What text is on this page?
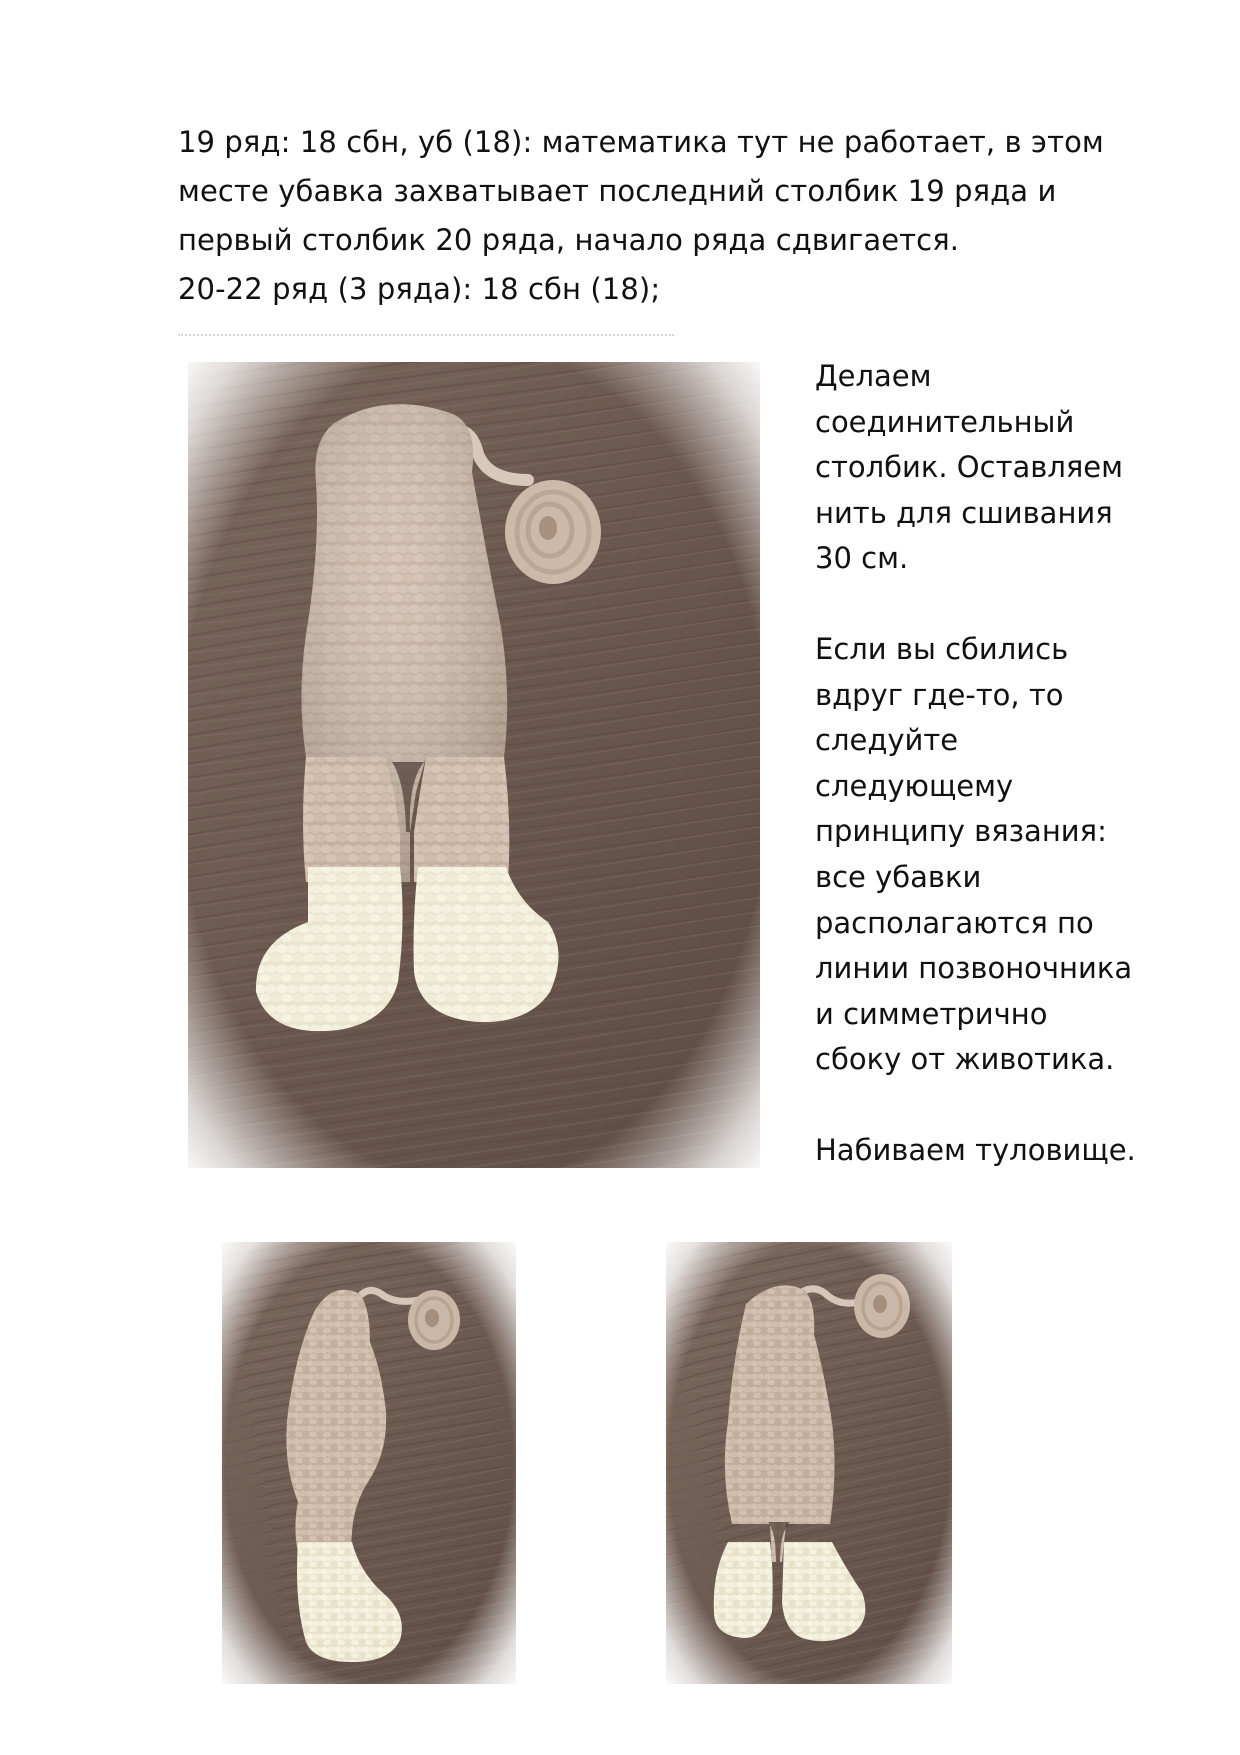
19 ряд: 18 сбн, уб (18): математика тут не работает, в этом

месте убавка захватывает последний столбик 19 ряда и

первый столбик 20 ряда, начало ряда сдвигается.

20-22 ряд (3 ряда): 18 сбн (18);

Делаем

соединительный

столбик. Оставляем

нить для сшивания

30 см.

Если вы сбились

вдруг где-то, то

следуйте

следующему

принципу вязания:

все убавки

располагаются по

линии позвоночника

и симметрично

сбоку от животика.

Набиваем туловище.
